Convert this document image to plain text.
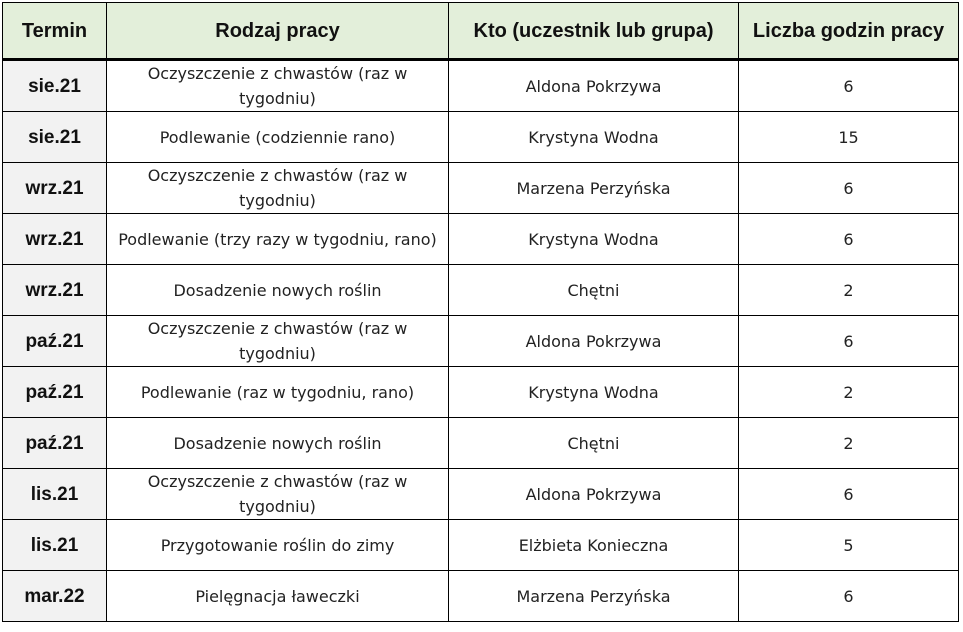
Termin	Rodzaj pracy	Kto (uczestnik lub grupa)	Liczba godzin pracy
sie.21	Oczyszczenie z chwastów (raz w tygodniu)	Aldona Pokrzywa	6
sie.21	Podlewanie (codziennie rano)	Krystyna Wodna	15
wrz.21	Oczyszczenie z chwastów (raz w tygodniu)	Marzena Perzyńska	6
wrz.21	Podlewanie (trzy razy w tygodniu, rano)	Krystyna Wodna	6
wrz.21	Dosadzenie nowych roślin	Chętni	2
paź.21	Oczyszczenie z chwastów (raz w tygodniu)	Aldona Pokrzywa	6
paź.21	Podlewanie (raz w tygodniu, rano)	Krystyna Wodna	2
paź.21	Dosadzenie nowych roślin	Chętni	2
lis.21	Oczyszczenie z chwastów (raz w tygodniu)	Aldona Pokrzywa	6
lis.21	Przygotowanie roślin do zimy	Elżbieta Konieczna	5
mar.22	Pielęgnacja ławeczki	Marzena Perzyńska	6
